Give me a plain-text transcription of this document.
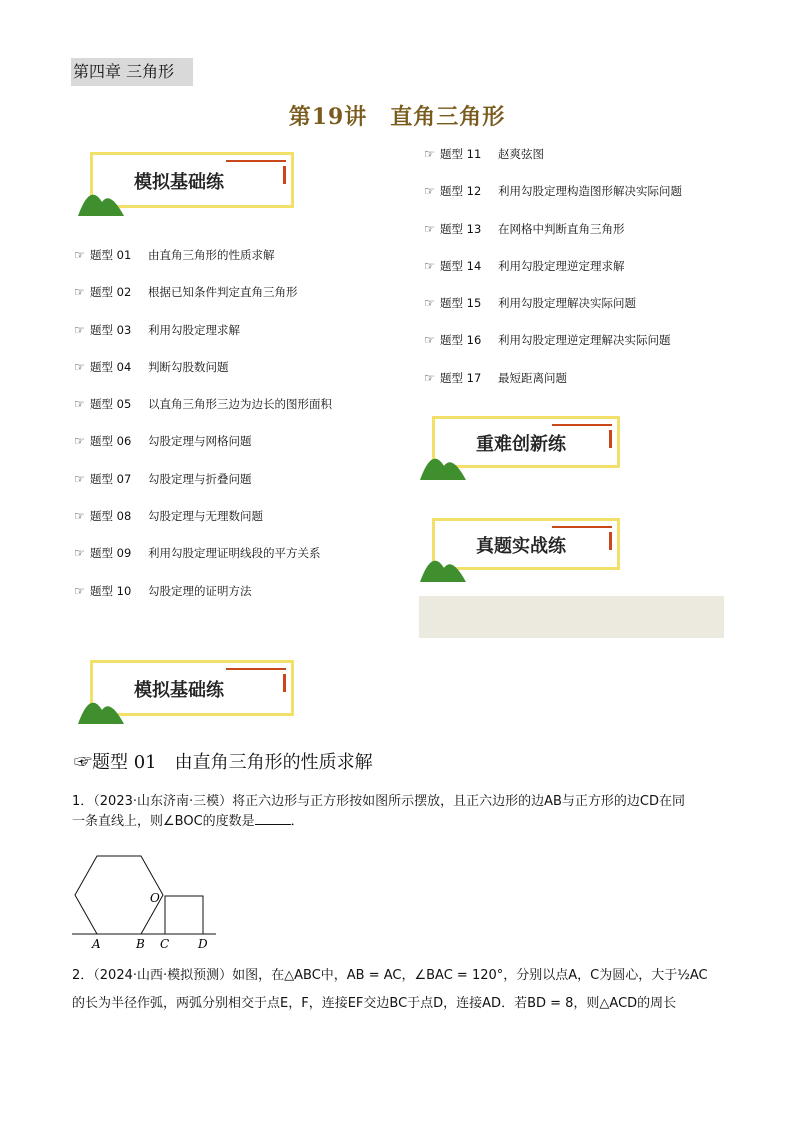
第四章 三角形
第19讲　直角三角形
模拟基础练
☞ 题型 01 由直角三角形的性质求解
☞ 题型 02 根据已知条件判定直角三角形
☞ 题型 03 利用勾股定理求解
☞ 题型 04 判断勾股数问题
☞ 题型 05 以直角三角形三边为边长的图形面积
☞ 题型 06 勾股定理与网格问题
☞ 题型 07 勾股定理与折叠问题
☞ 题型 08 勾股定理与无理数问题
☞ 题型 09 利用勾股定理证明线段的平方关系
☞ 题型 10 勾股定理的证明方法
☞ 题型 11 赵爽弦图
☞ 题型 12 利用勾股定理构造图形解决实际问题
☞ 题型 13 在网格中判断直角三角形
☞ 题型 14 利用勾股定理逆定理求解
☞ 题型 15 利用勾股定理解决实际问题
☞ 题型 16 利用勾股定理逆定理解决实际问题
☞ 题型 17 最短距离问题
重难创新练
真题实战练
模拟基础练
☞题型 01　由直角三角形的性质求解
1．（2023·山东济南·三模）将正六边形与正方形按如图所示摆放，且正六边形的边AB与正方形的边CD在同
一条直线上，则∠BOC的度数是	．
A	B C D
O
2．（2024·山西·模拟预测）如图，在△ABC中，AB = AC，∠BAC = 120°，分别以点A，C为圆心，大于½AC
的长为半径作弧，两弧分别相交于点E，F，连接EF交边BC于点D，连接AD．若BD = 8，则△ACD的周长
